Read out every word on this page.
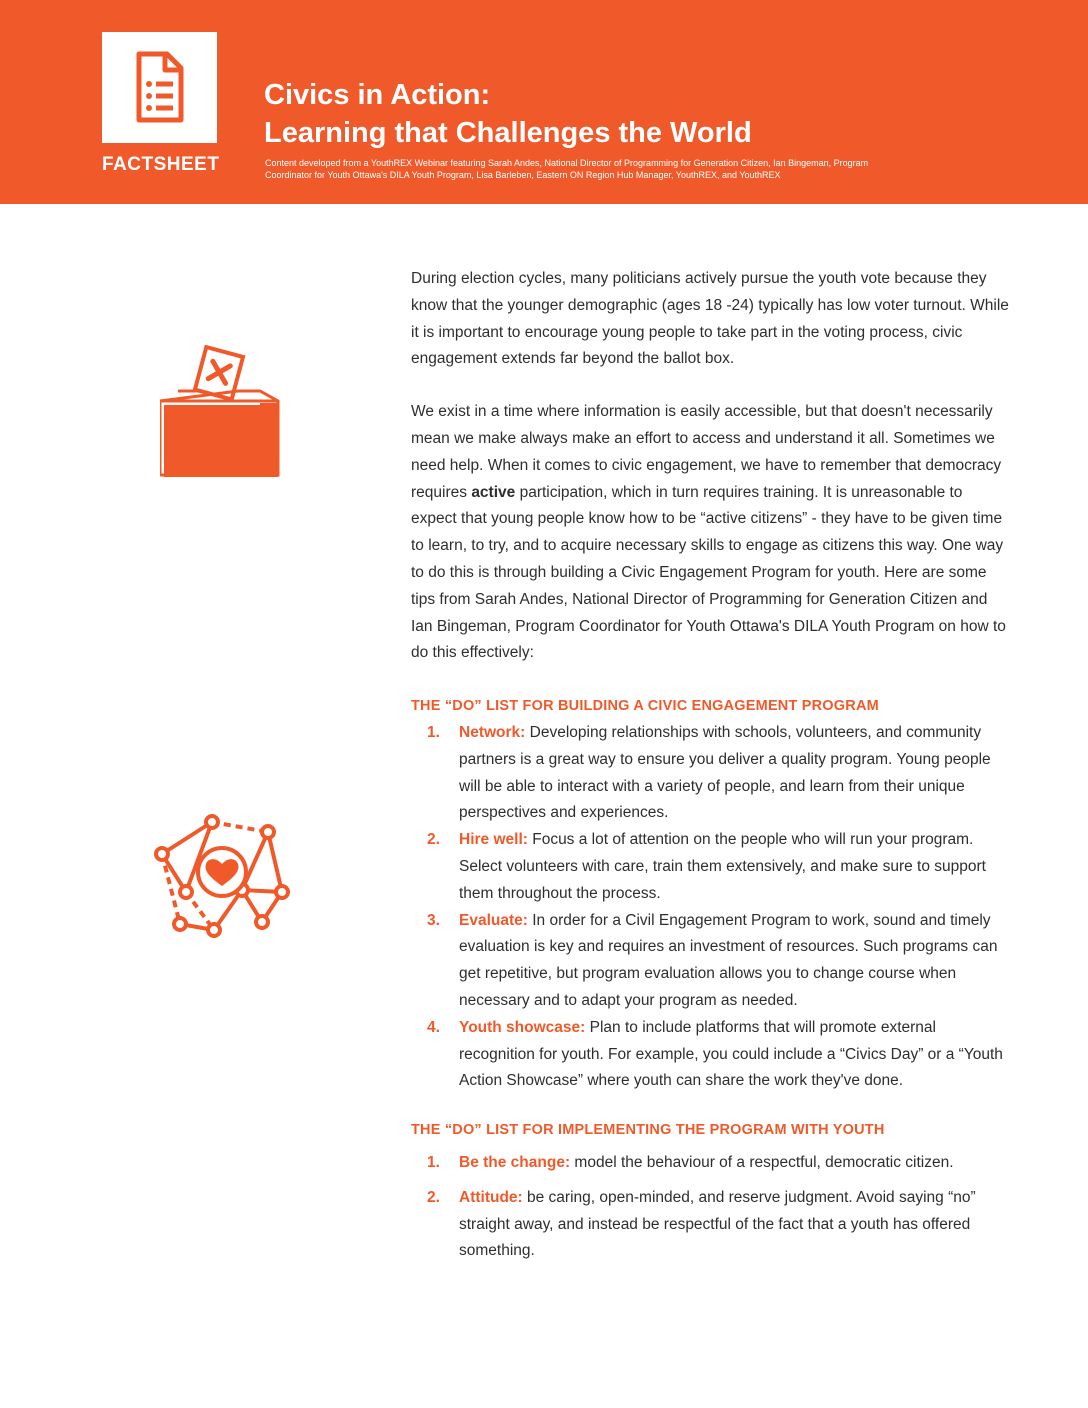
FACTSHEET
Civics in Action:
Learning that Challenges the World

Content developed from a YouthREX Webinar featuring Sarah Andes, National Director of Programming for Generation Citizen, Ian Bingeman, Program Coordinator for Youth Ottawa's DILA Youth Program, Lisa Barleben, Eastern ON Region Hub Manager, YouthREX, and YouthREX

During election cycles, many politicians actively pursue the youth vote because they know that the younger demographic (ages 18 -24) typically has low voter turnout. While it is important to encourage young people to take part in the voting process, civic engagement extends far beyond the ballot box.

We exist in a time where information is easily accessible, but that doesn't necessarily mean we make always make an effort to access and understand it all. Sometimes we need help. When it comes to civic engagement, we have to remember that democracy requires active participation, which in turn requires training. It is unreasonable to expect that young people know how to be “active citizens” - they have to be given time to learn, to try, and to acquire necessary skills to engage as citizens this way. One way to do this is through building a Civic Engagement Program for youth. Here are some tips from Sarah Andes, National Director of Programming for Generation Citizen and Ian Bingeman, Program Coordinator for Youth Ottawa's DILA Youth Program on how to do this effectively:

THE “DO” LIST FOR BUILDING A CIVIC ENGAGEMENT PROGRAM
1. Network: Developing relationships with schools, volunteers, and community partners is a great way to ensure you deliver a quality program. Young people will be able to interact with a variety of people, and learn from their unique perspectives and experiences.
2. Hire well: Focus a lot of attention on the people who will run your program. Select volunteers with care, train them extensively, and make sure to support them throughout the process.
3. Evaluate: In order for a Civil Engagement Program to work, sound and timely evaluation is key and requires an investment of resources. Such programs can get repetitive, but program evaluation allows you to change course when necessary and to adapt your program as needed.
4. Youth showcase: Plan to include platforms that will promote external recognition for youth. For example, you could include a “Civics Day” or a “Youth Action Showcase” where youth can share the work they've done.
THE “DO” LIST FOR IMPLEMENTING THE PROGRAM WITH YOUTH
1. Be the change: model the behaviour of a respectful, democratic citizen.
2. Attitude: be caring, open-minded, and reserve judgment. Avoid saying “no” straight away, and instead be respectful of the fact that a youth has offered something.
